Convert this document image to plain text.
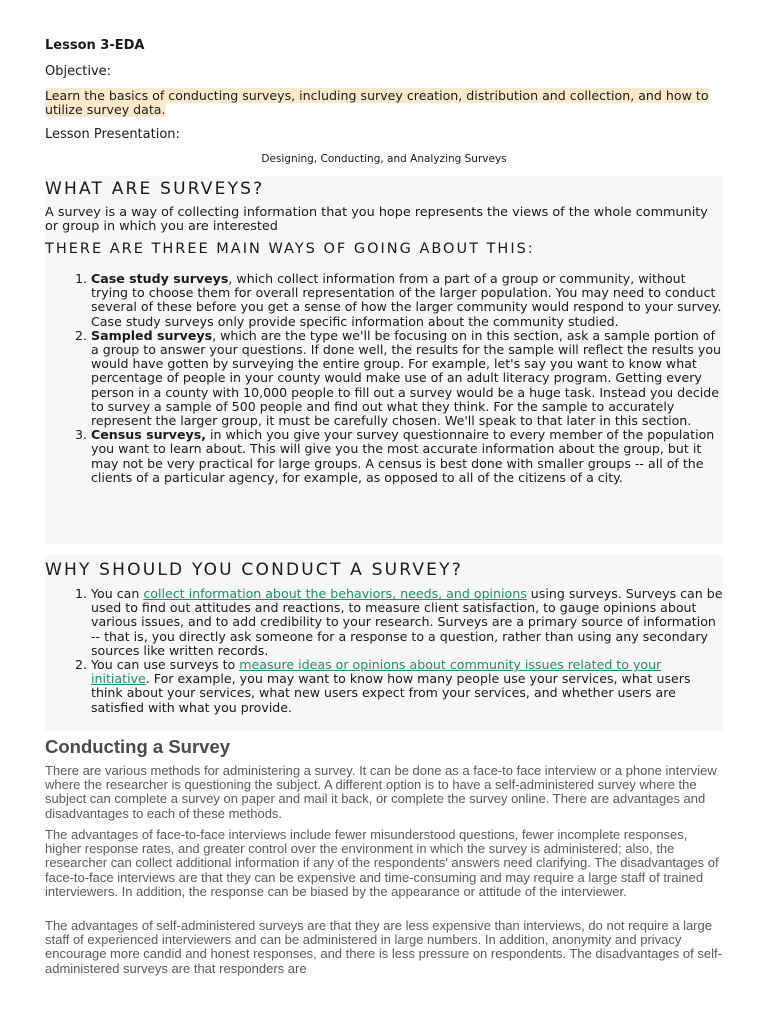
Lesson 3-EDA
Objective:
Learn the basics of conducting surveys, including survey creation, distribution and collection, and how to utilize survey data.
Lesson Presentation:
Designing, Conducting, and Analyzing Surveys
WHAT ARE SURVEYS?
A survey is a way of collecting information that you hope represents the views of the whole community or group in which you are interested
THERE ARE THREE MAIN WAYS OF GOING ABOUT THIS:
1. Case study surveys, which collect information from a part of a group or community, without trying to choose them for overall representation of the larger population. You may need to conduct several of these before you get a sense of how the larger community would respond to your survey. Case study surveys only provide specific information about the community studied.
2. Sampled surveys, which are the type we'll be focusing on in this section, ask a sample portion of a group to answer your questions. If done well, the results for the sample will reflect the results you would have gotten by surveying the entire group. For example, let's say you want to know what percentage of people in your county would make use of an adult literacy program. Getting every person in a county with 10,000 people to fill out a survey would be a huge task. Instead you decide to survey a sample of 500 people and find out what they think. For the sample to accurately represent the larger group, it must be carefully chosen. We'll speak to that later in this section.
3. Census surveys, in which you give your survey questionnaire to every member of the population you want to learn about. This will give you the most accurate information about the group, but it may not be very practical for large groups. A census is best done with smaller groups -- all of the clients of a particular agency, for example, as opposed to all of the citizens of a city.
WHY SHOULD YOU CONDUCT A SURVEY?
1. You can collect information about the behaviors, needs, and opinions using surveys. Surveys can be used to find out attitudes and reactions, to measure client satisfaction, to gauge opinions about various issues, and to add credibility to your research. Surveys are a primary source of information -- that is, you directly ask someone for a response to a question, rather than using any secondary sources like written records.
2. You can use surveys to measure ideas or opinions about community issues related to your initiative. For example, you may want to know how many people use your services, what users think about your services, what new users expect from your services, and whether users are satisfied with what you provide.
Conducting a Survey
There are various methods for administering a survey. It can be done as a face-to face interview or a phone interview where the researcher is questioning the subject. A different option is to have a self-administered survey where the subject can complete a survey on paper and mail it back, or complete the survey online. There are advantages and disadvantages to each of these methods.
The advantages of face-to-face interviews include fewer misunderstood questions, fewer incomplete responses, higher response rates, and greater control over the environment in which the survey is administered; also, the researcher can collect additional information if any of the respondents' answers need clarifying. The disadvantages of face-to-face interviews are that they can be expensive and time-consuming and may require a large staff of trained interviewers. In addition, the response can be biased by the appearance or attitude of the interviewer.
The advantages of self-administered surveys are that they are less expensive than interviews, do not require a large staff of experienced interviewers and can be administered in large numbers. In addition, anonymity and privacy encourage more candid and honest responses, and there is less pressure on respondents. The disadvantages of self-administered surveys are that responders are
